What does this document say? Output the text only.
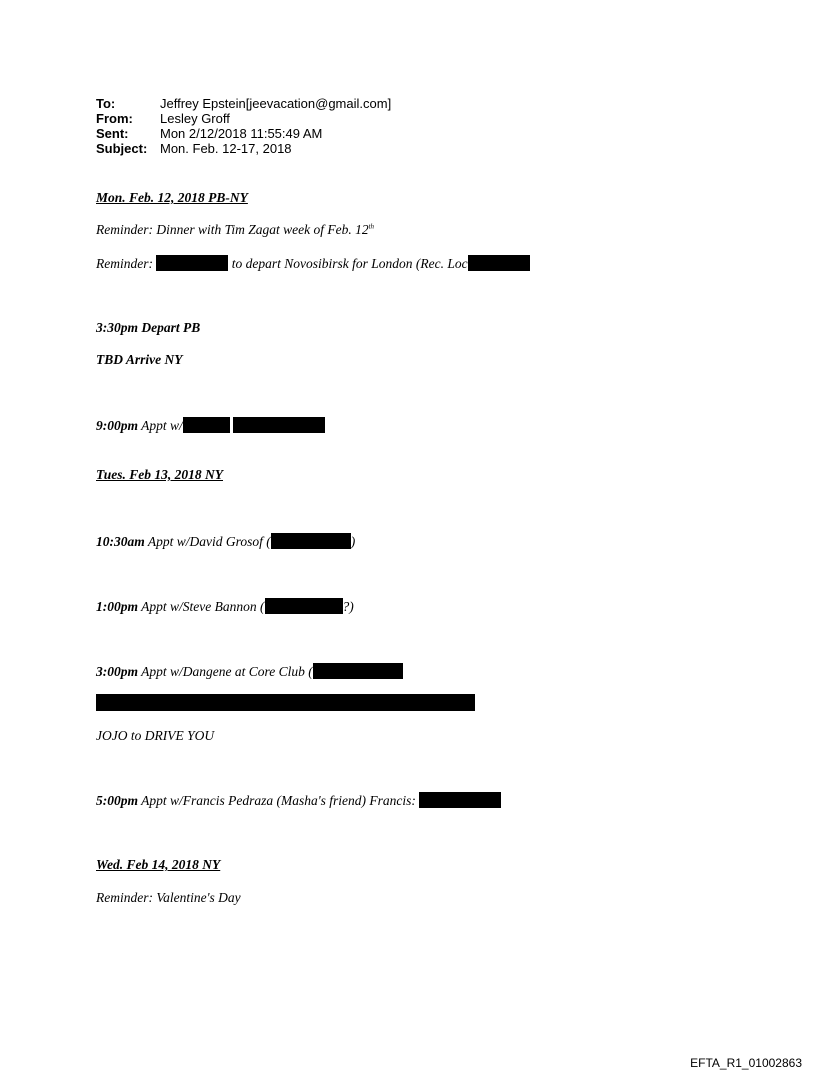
To:	Jeffrey Epstein[jeevacation@gmail.com]
From:	Lesley Groff
Sent:	Mon 2/12/2018 11:55:49 AM
Subject: Mon. Feb. 12-17, 2018
Mon. Feb. 12, 2018 PB-NY
Reminder: Dinner with Tim Zagat week of Feb. 12th
Reminder:	to depart Novosibirsk for London (Rec. Loc
3:30pm Depart PB
TBD Arrive NY
9:00pm Appt w/
Tues. Feb 13, 2018 NY
10:30am Appt w/David Grosof (	)
1:00pm Appt w/Steve Bannon (	?)
3:00pm Appt w/Dangene at Core Club (
JOJO to DRIVE YOU
5:00pm Appt w/Francis Pedraza (Masha's friend) Francis:
Wed. Feb 14, 2018 NY
Reminder: Valentine's Day
EFTA_R1_01002863
